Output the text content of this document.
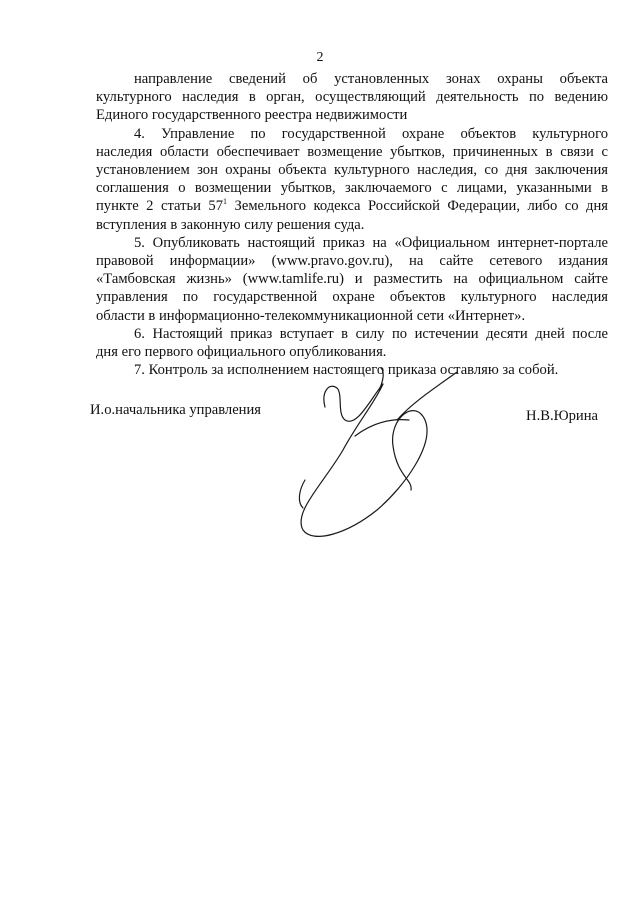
2
направление сведений об установленных зонах охраны объекта
культурного наследия в орган, осуществляющий деятельность по ведению
Единого государственного реестра недвижимости
4. Управление по государственной охране объектов культурного
наследия области обеспечивает возмещение убытков, причиненных в связи с
установлением зон охраны объекта культурного наследия, со дня заключения
соглашения о возмещении убытков, заключаемого с лицами, указанными в
пункте 2 статьи $57^1$ Земельного кодекса Российской Федерации, либо со дня
вступления в законную силу решения суда.
5. Опубликовать настоящий приказ на «Официальном интернет-портале
правовой информации» (www.pravo.gov.ru), на сайте сетевого издания
«Тамбовская жизнь» (www.tamlife.ru) и разместить на официальном сайте
управления по государственной охране объектов культурного наследия
области в информационно-телекоммуникационной сети «Интернет».
6. Настоящий приказ вступает в силу по истечении десяти дней после
дня его первого официального опубликования.
7. Контроль за исполнением настоящего приказа оставляю за собой.
И.о.начальника управления	Н.В.Юрина
